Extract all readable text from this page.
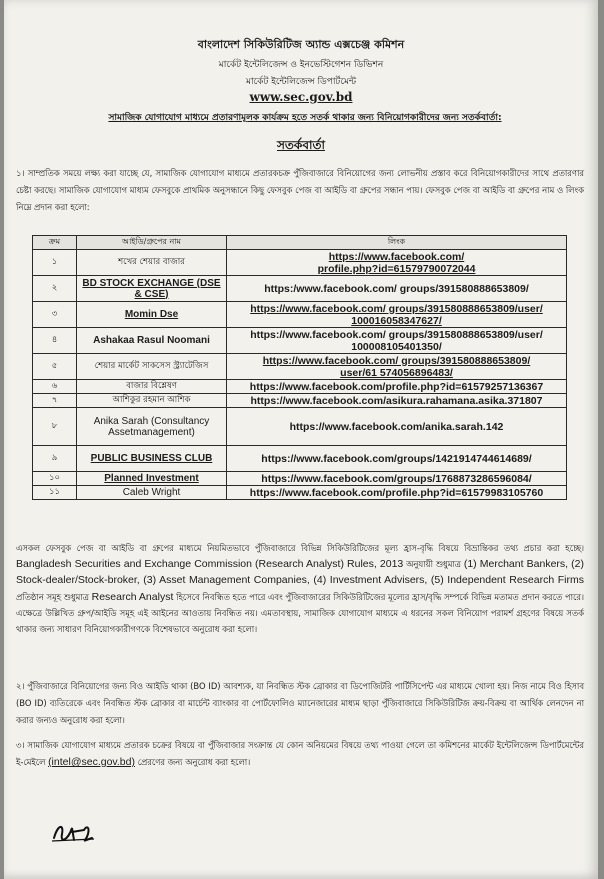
বাংলাদেশ সিকিউরিটিজ অ্যান্ড এক্সচেঞ্জ কমিশন
মার্কেট ইন্টেলিজেন্স ও ইনভেস্টিগেশন ডিভিশন
মার্কেট ইন্টেলিজেন্স ডিপার্টমেন্ট
www.sec.gov.bd
সামাজিক যোগাযোগ মাধ্যমে প্রতারণামূলক কার্যক্রম হতে সতর্ক থাকার জন্য বিনিয়োগকারীদের জন্য সতর্কবার্তা:
সতর্কবার্তা
১। সাম্প্রতিক সময়ে লক্ষ্য করা যাচ্ছে যে, সামাজিক যোগাযোগ মাধ্যমে প্রতারকচক্র পুঁজিবাজারে বিনিয়োগের জন্য লোভনীয় প্রস্তাব করে বিনিয়োগকারীদের সাথে প্রতারণার চেষ্টা করছে। সামাজিক যোগাযোগ মাধ্যম ফেসবুকে প্রাথমিক অনুসন্ধানে কিছু ফেসবুক পেজ বা আইডি বা গ্রুপের সন্ধান পায়। ফেসবুক পেজ বা আইডি বা গ্রুপের নাম ও লিংক নিম্নে প্রদান করা হলো:
ক্রম	আইডি/গ্রুপের নাম	লিংক
১	শখের শেয়ার বাজার	https://www.facebook.com/
profile.php?id=61579790072044
২	BD STOCK EXCHANGE (DSE & CSE)	https:/www.facebook.com/ groups/391580888653809/
৩	Momin Dse	https://www.facebook.com/ groups/391580888653809/user/
100016058347627/
৪	Ashakaa Rasul Noomani	https://www.facebook.com/ groups/391580888653809/user/
100008105401350/
৫	শেয়ার মার্কেট সাকসেস স্ট্র্যাটেজিস	https://www.facebook.com/ groups/391580888653809/
user/61 574056896483/
৬	বাজার বিশ্লেষণ	https://www.facebook.com/profile.php?id=61579257136367
৭	আশিকুর রহমান আশিক	https://www.facebook.com/asikura.rahamana.asika.371807
৮	Anika Sarah (Consultancy Assetmanagement)	https://www.facebook.com/anika.sarah.142
৯	PUBLIC BUSINESS CLUB	https://www.facebook.com/groups/1421914744614689/
১০	Planned Investment	https://www.facebook.com/groups/1768873286596084/
১১	Caleb Wright	https://www.facebook.com/profile.php?id=61579983105760
এসকল ফেসবুক পেজ বা আইডি বা গ্রুপের মাধ্যমে নিয়মিতভাবে পুঁজিবাজারে বিভিন্ন সিকিউরিটিজের মূল্য হ্রাস-বৃদ্ধি বিষয়ে বিভ্রান্তিকর তথ্য প্রচার করা হচ্ছে। Bangladesh Securities and Exchange Commission (Research Analyst) Rules, 2013 অনুযায়ী শুধুমাত্র (1) Merchant Bankers, (2) Stock-dealer/Stock-broker, (3) Asset Management Companies, (4) Investment Advisers, (5) Independent Research Firms প্রতিষ্ঠান সমূহ শুধুমাত্র Research Analyst হিসেবে নিবন্ধিত হতে পারে এবং পুঁজিবাজারের সিকিউরিটিজের মূল্যের হ্রাস/বৃদ্ধি সম্পর্কে বিভিন্ন মতামত প্রদান করতে পারে। এক্ষেত্রে উল্লিখিত গ্রুপ/আইডি সমূহ এই আইনের আওতায় নিবন্ধিত নয়। এমতাবস্থায়, সামাজিক যোগাযোগ মাধ্যমে এ ধরনের সকল বিনিয়োগ পরামর্শ গ্রহণের বিষয়ে সতর্ক থাকার জন্য সাধারণ বিনিয়োগকারীগণকে বিশেষভাবে অনুরোধ করা হলো।
২। পুঁজিবাজারে বিনিয়োগের জন্য বিও আইডি থাকা (BO ID) আবশ্যক, যা নিবন্ধিত স্টক ব্রোকার বা ডিপোজিটরি পার্টিসিপেন্ট এর মাধ্যমে খোলা হয়। নিজ নামে বিও হিসাব (BO ID) ব্যতিরেকে এবং নিবন্ধিত স্টক ব্রোকার বা মার্চেন্ট ব্যাংকার বা পোর্টফোলিও ম্যানেজারের মাধ্যম ছাড়া পুঁজিবাজারে সিকিউরিটিজ ক্রয়-বিক্রয় বা আর্থিক লেনদেন না করার জন্যও অনুরোধ করা হলো।
৩। সামাজিক যোগাযোগ মাধ্যমে প্রতারক চক্রের বিষয়ে বা পুঁজিবাজার সংক্রান্ত যে কোন অনিয়মের বিষয়ে তথ্য পাওয়া গেলে তা কমিশনের মার্কেট ইন্টেলিজেন্স ডিপার্টমেন্টের ই-মেইলে (intel@sec.gov.bd) প্রেরণের জন্য অনুরোধ করা হলো।
